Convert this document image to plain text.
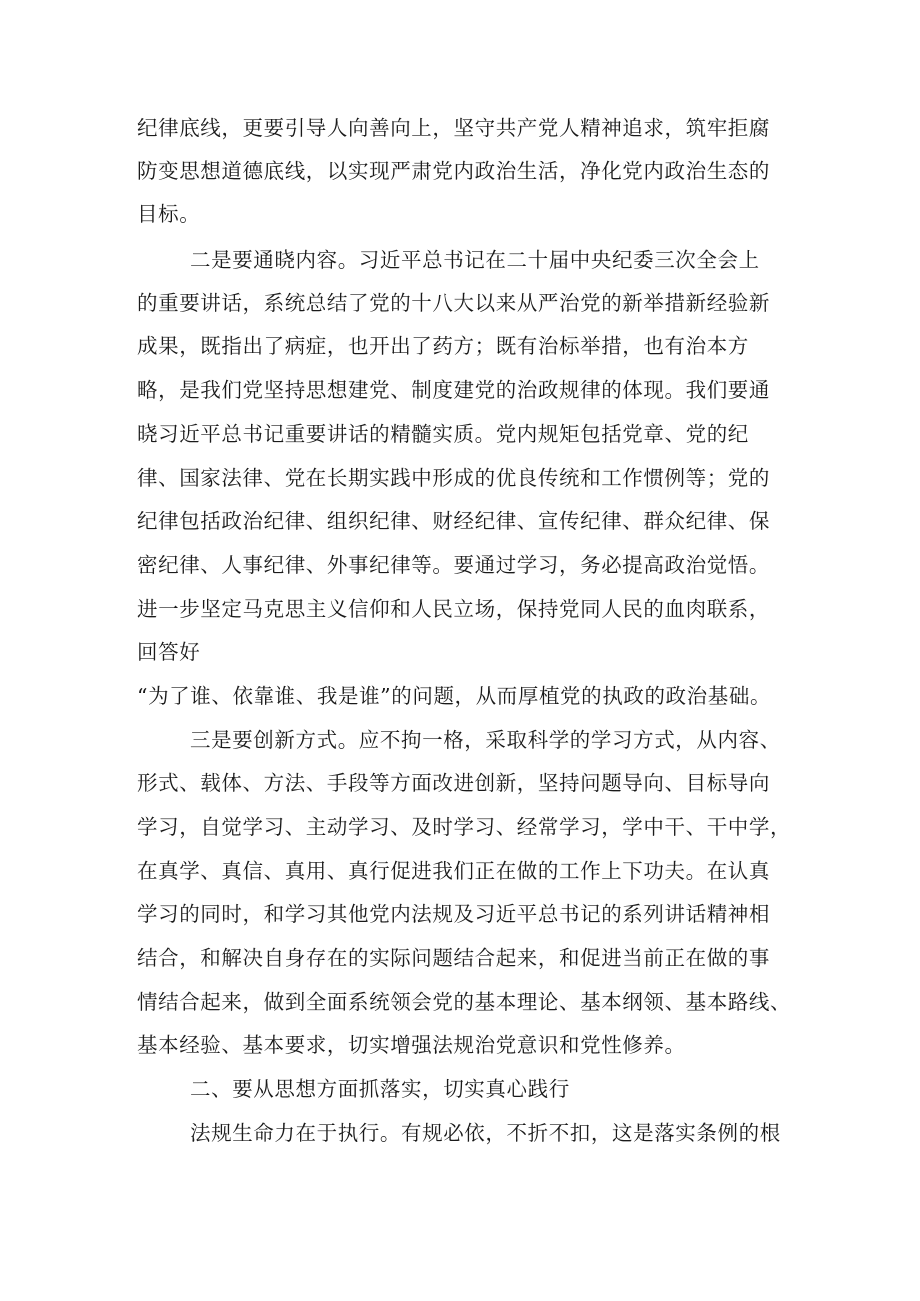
纪律底线，更要引导人向善向上，坚守共产党人精神追求，筑牢拒腐
防变思想道德底线，以实现严肃党内政治生活，净化党内政治生态的
目标。
二是要通晓内容。习近平总书记在二十届中央纪委三次全会上
的重要讲话，系统总结了党的十八大以来从严治党的新举措新经验新
成果，既指出了病症，也开出了药方；既有治标举措，也有治本方
略，是我们党坚持思想建党、制度建党的治政规律的体现。我们要通
晓习近平总书记重要讲话的精髓实质。党内规矩包括党章、党的纪
律、国家法律、党在长期实践中形成的优良传统和工作惯例等；党的
纪律包括政治纪律、组织纪律、财经纪律、宣传纪律、群众纪律、保
密纪律、人事纪律、外事纪律等。要通过学习，务必提高政治觉悟。
进一步坚定马克思主义信仰和人民立场，保持党同人民的血肉联系，
回答好
“为了谁、依靠谁、我是谁”的问题，从而厚植党的执政的政治基础。
三是要创新方式。应不拘一格，采取科学的学习方式，从内容、
形式、载体、方法、手段等方面改进创新，坚持问题导向、目标导向
学习，自觉学习、主动学习、及时学习、经常学习，学中干、干中学，
在真学、真信、真用、真行促进我们正在做的工作上下功夫。在认真
学习的同时，和学习其他党内法规及习近平总书记的系列讲话精神相
结合，和解决自身存在的实际问题结合起来，和促进当前正在做的事
情结合起来，做到全面系统领会党的基本理论、基本纲领、基本路线、
基本经验、基本要求，切实增强法规治党意识和党性修养。
二、要从思想方面抓落实，切实真心践行
法规生命力在于执行。有规必依，不折不扣，这是落实条例的根
